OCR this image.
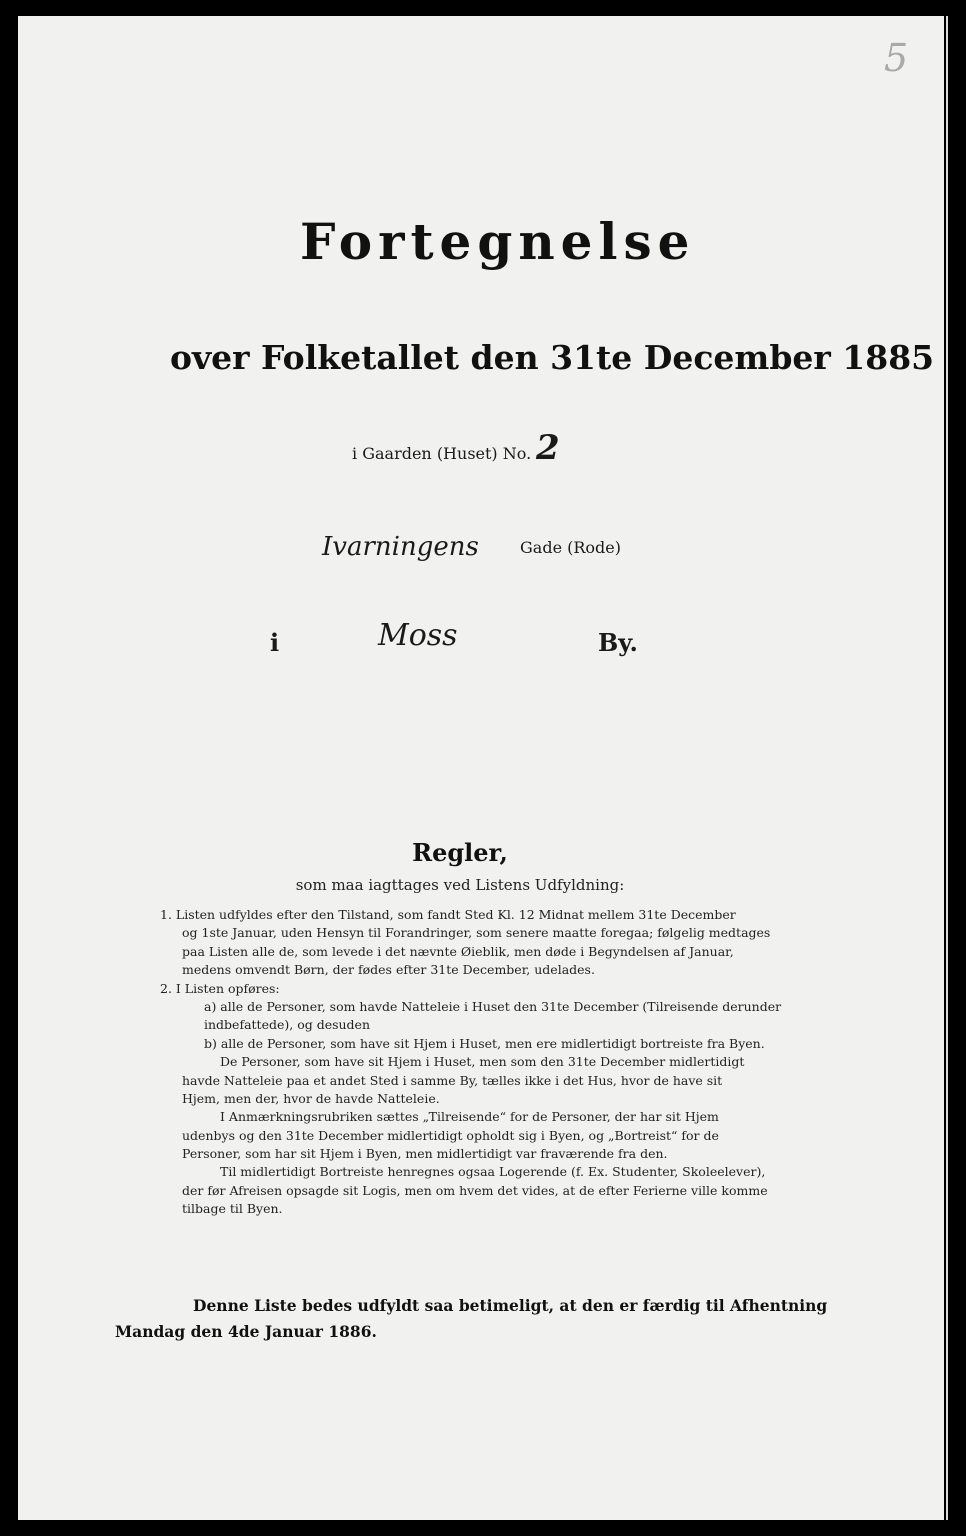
5
Fortegnelse
over Folketallet den 31te December 1885
i Gaarden (Huset) No. 2
Ivarningens	Gade (Rode)
i	Moss	By.
Regler,
som maa iagttages ved Listens Udfyldning:
1. Listen udfyldes efter den Tilstand, som fandt Sted Kl. 12 Midnat mellem 31te December
og 1ste Januar, uden Hensyn til Forandringer, som senere maatte foregaa; følgelig medtages
paa Listen alle de, som levede i det nævnte Øieblik, men døde i Begyndelsen af Januar,
medens omvendt Børn, der fødes efter 31te December, udelades.
2. I Listen opføres:
a) alle de Personer, som havde Natteleie i Huset den 31te December (Tilreisende derunder
indbefattede), og desuden
b) alle de Personer, som have sit Hjem i Huset, men ere midlertidigt bortreiste fra Byen.
De Personer, som have sit Hjem i Huset, men som den 31te December midlertidigt
havde Natteleie paa et andet Sted i samme By, tælles ikke i det Hus, hvor de have sit
Hjem, men der, hvor de havde Natteleie.
I Anmærkningsrubriken sættes „Tilreisende“ for de Personer, der har sit Hjem
udenbys og den 31te December midlertidigt opholdt sig i Byen, og „Bortreist“ for de
Personer, som har sit Hjem i Byen, men midlertidigt var fraværende fra den.
Til midlertidigt Bortreiste henregnes ogsaa Logerende (f. Ex. Studenter, Skoleelever),
der før Afreisen opsagde sit Logis, men om hvem det vides, at de efter Ferierne ville komme
tilbage til Byen.
Denne Liste bedes udfyldt saa betimeligt, at den er færdig til Afhentning
Mandag den 4de Januar 1886.
